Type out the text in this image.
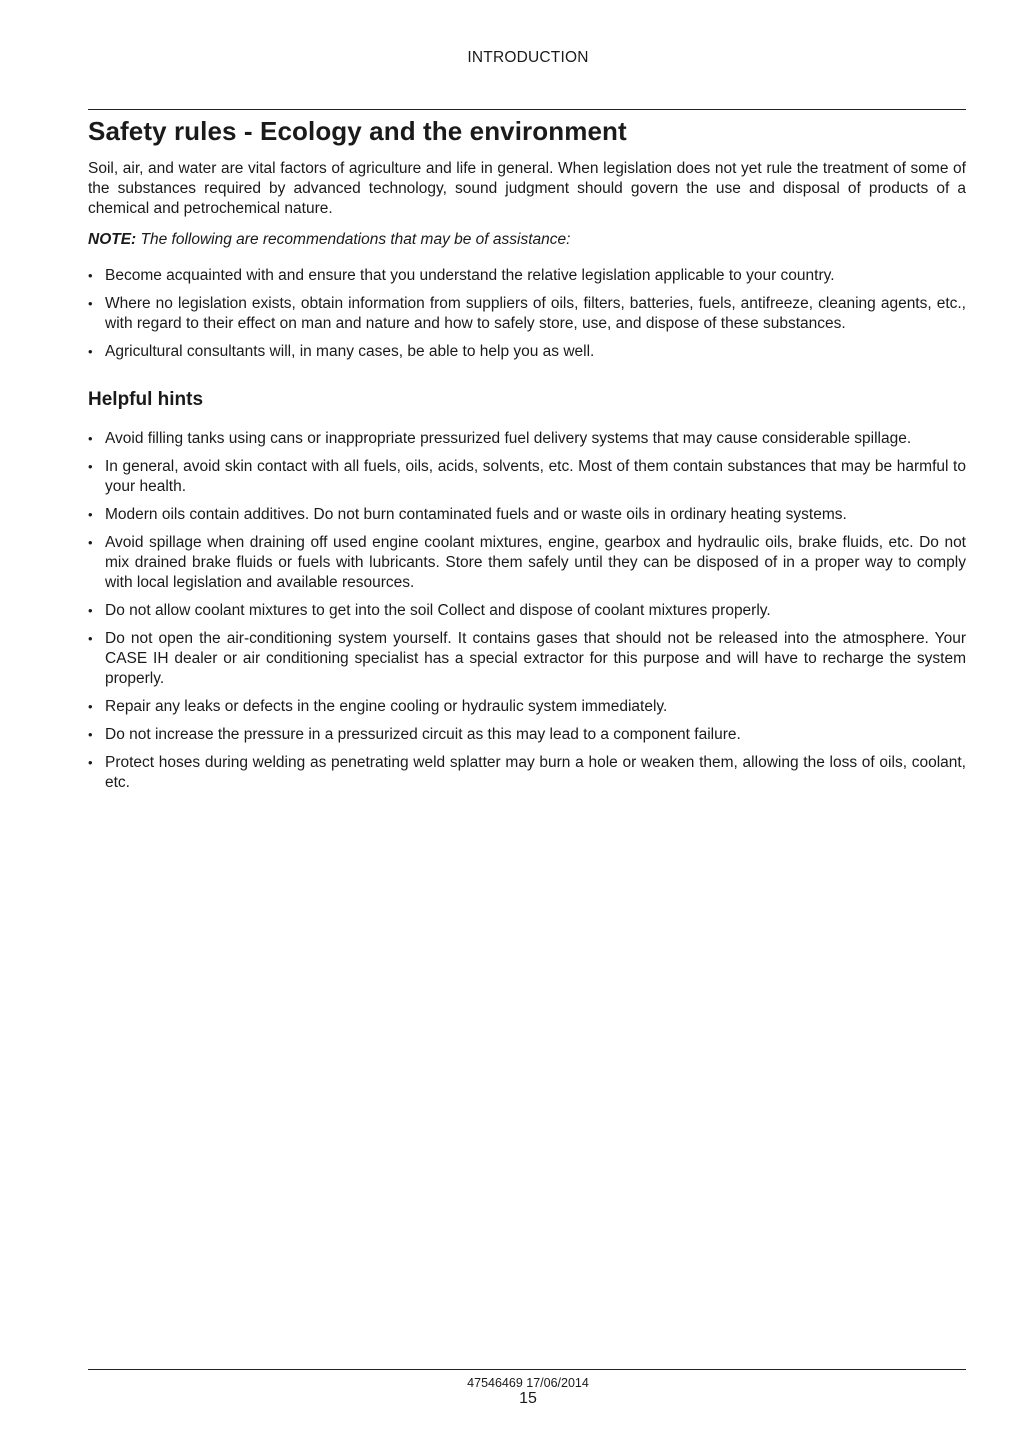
INTRODUCTION
Safety rules - Ecology and the environment

Soil, air, and water are vital factors of agriculture and life in general. When legislation does not yet rule the treatment of some of the substances required by advanced technology, sound judgment should govern the use and disposal of products of a chemical and petrochemical nature.

NOTE: The following are recommendations that may be of assistance:

• Become acquainted with and ensure that you understand the relative legislation applicable to your country.
• Where no legislation exists, obtain information from suppliers of oils, filters, batteries, fuels, antifreeze, cleaning agents, etc., with regard to their effect on man and nature and how to safely store, use, and dispose of these substances.
• Agricultural consultants will, in many cases, be able to help you as well.
Helpful hints
• Avoid filling tanks using cans or inappropriate pressurized fuel delivery systems that may cause considerable spillage.
• In general, avoid skin contact with all fuels, oils, acids, solvents, etc. Most of them contain substances that may be harmful to your health.
• Modern oils contain additives. Do not burn contaminated fuels and or waste oils in ordinary heating systems.
• Avoid spillage when draining off used engine coolant mixtures, engine, gearbox and hydraulic oils, brake fluids, etc. Do not mix drained brake fluids or fuels with lubricants. Store them safely until they can be disposed of in a proper way to comply with local legislation and available resources.
• Do not allow coolant mixtures to get into the soil Collect and dispose of coolant mixtures properly.
• Do not open the air-conditioning system yourself. It contains gases that should not be released into the atmosphere. Your CASE IH dealer or air conditioning specialist has a special extractor for this purpose and will have to recharge the system properly.
• Repair any leaks or defects in the engine cooling or hydraulic system immediately.
• Do not increase the pressure in a pressurized circuit as this may lead to a component failure.
• Protect hoses during welding as penetrating weld splatter may burn a hole or weaken them, allowing the loss of oils, coolant, etc.
47546469 17/06/2014
15
